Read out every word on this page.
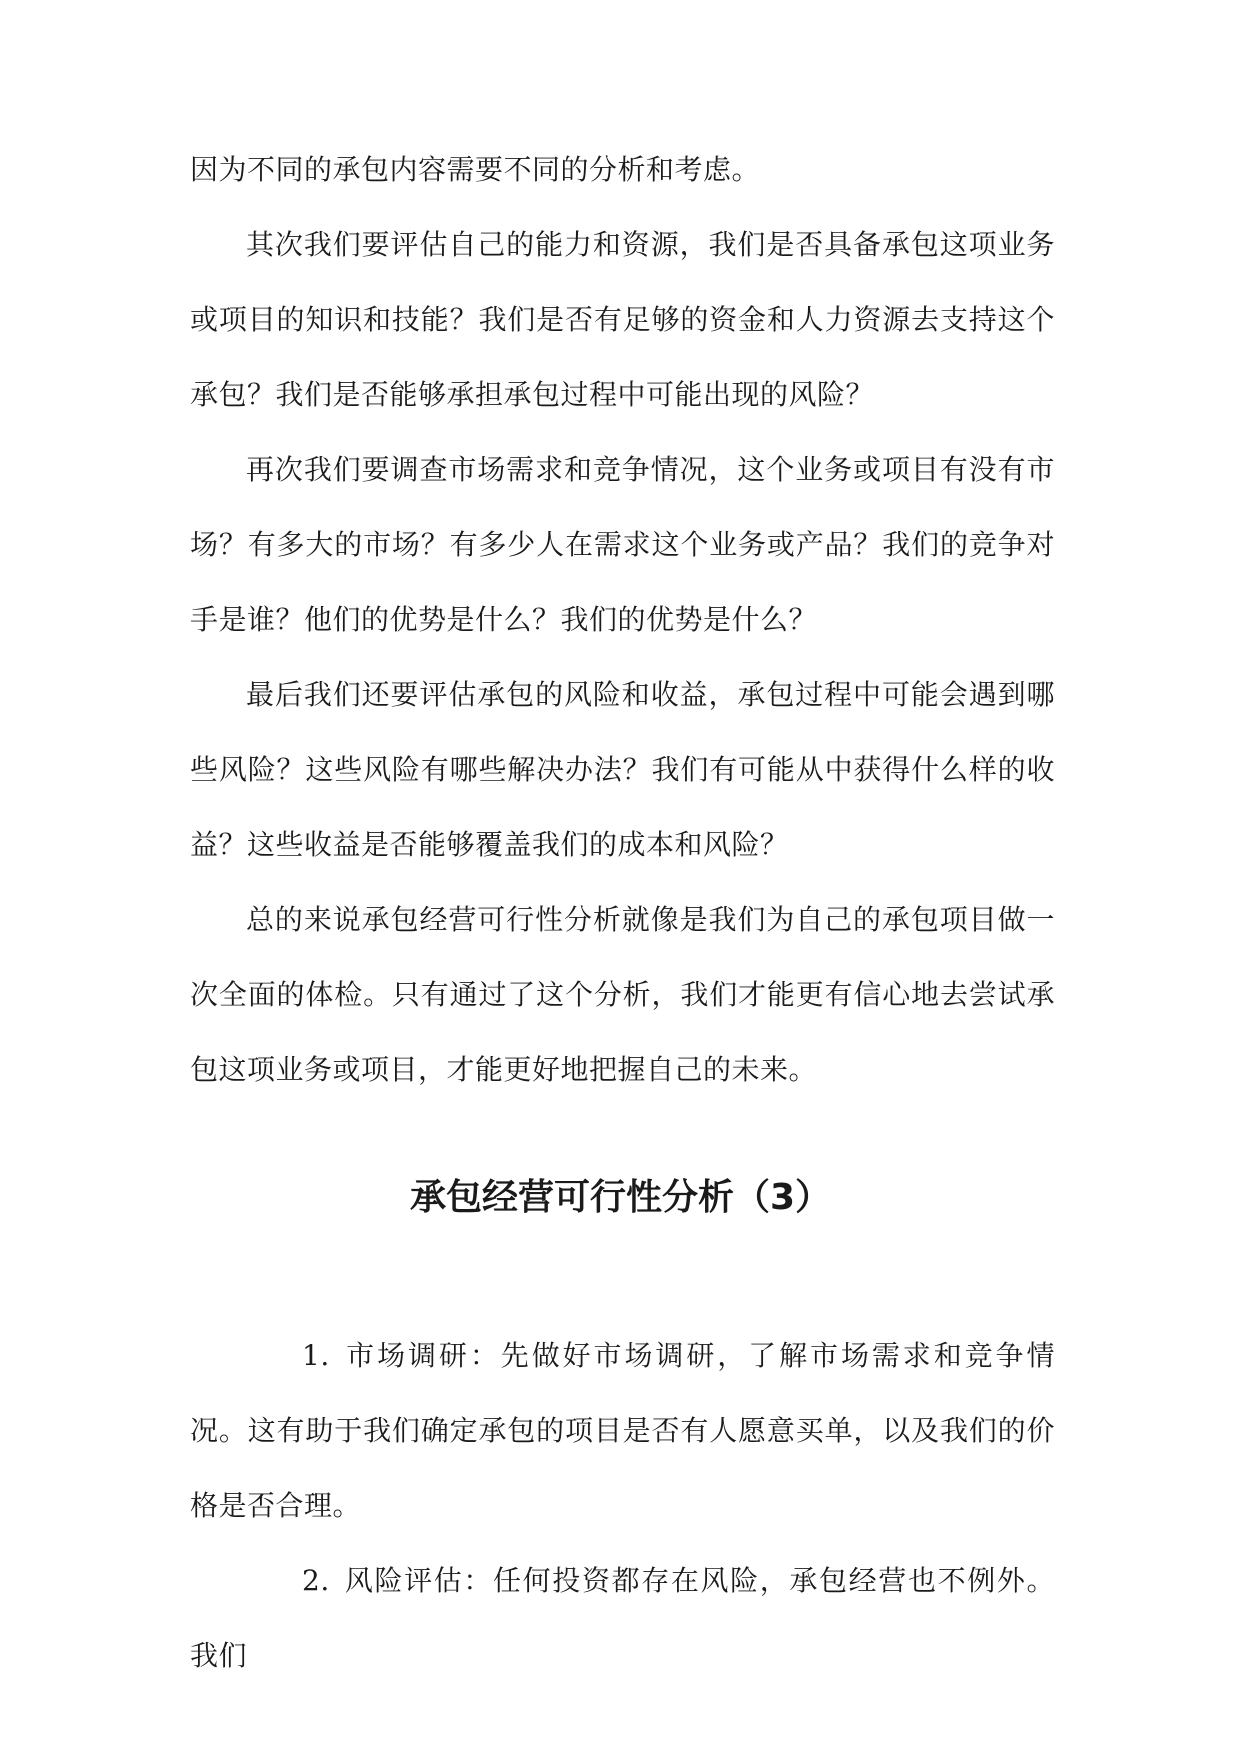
因为不同的承包内容需要不同的分析和考虑。

其次我们要评估自己的能力和资源，我们是否具备承包这项业务或项目的知识和技能？我们是否有足够的资金和人力资源去支持这个承包？我们是否能够承担承包过程中可能出现的风险？

再次我们要调查市场需求和竞争情况，这个业务或项目有没有市场？有多大的市场？有多少人在需求这个业务或产品？我们的竞争对手是谁？他们的优势是什么？我们的优势是什么？

最后我们还要评估承包的风险和收益，承包过程中可能会遇到哪些风险？这些风险有哪些解决办法？我们有可能从中获得什么样的收益？这些收益是否能够覆盖我们的成本和风险？

总的来说承包经营可行性分析就像是我们为自己的承包项目做一次全面的体检。只有通过了这个分析，我们才能更有信心地去尝试承包这项业务或项目，才能更好地把握自己的未来。

承包经营可行性分析（3）

1. 市场调研：先做好市场调研，了解市场需求和竞争情况。这有助于我们确定承包的项目是否有人愿意买单，以及我们的价格是否合理。

2. 风险评估：任何投资都存在风险，承包经营也不例外。我们
